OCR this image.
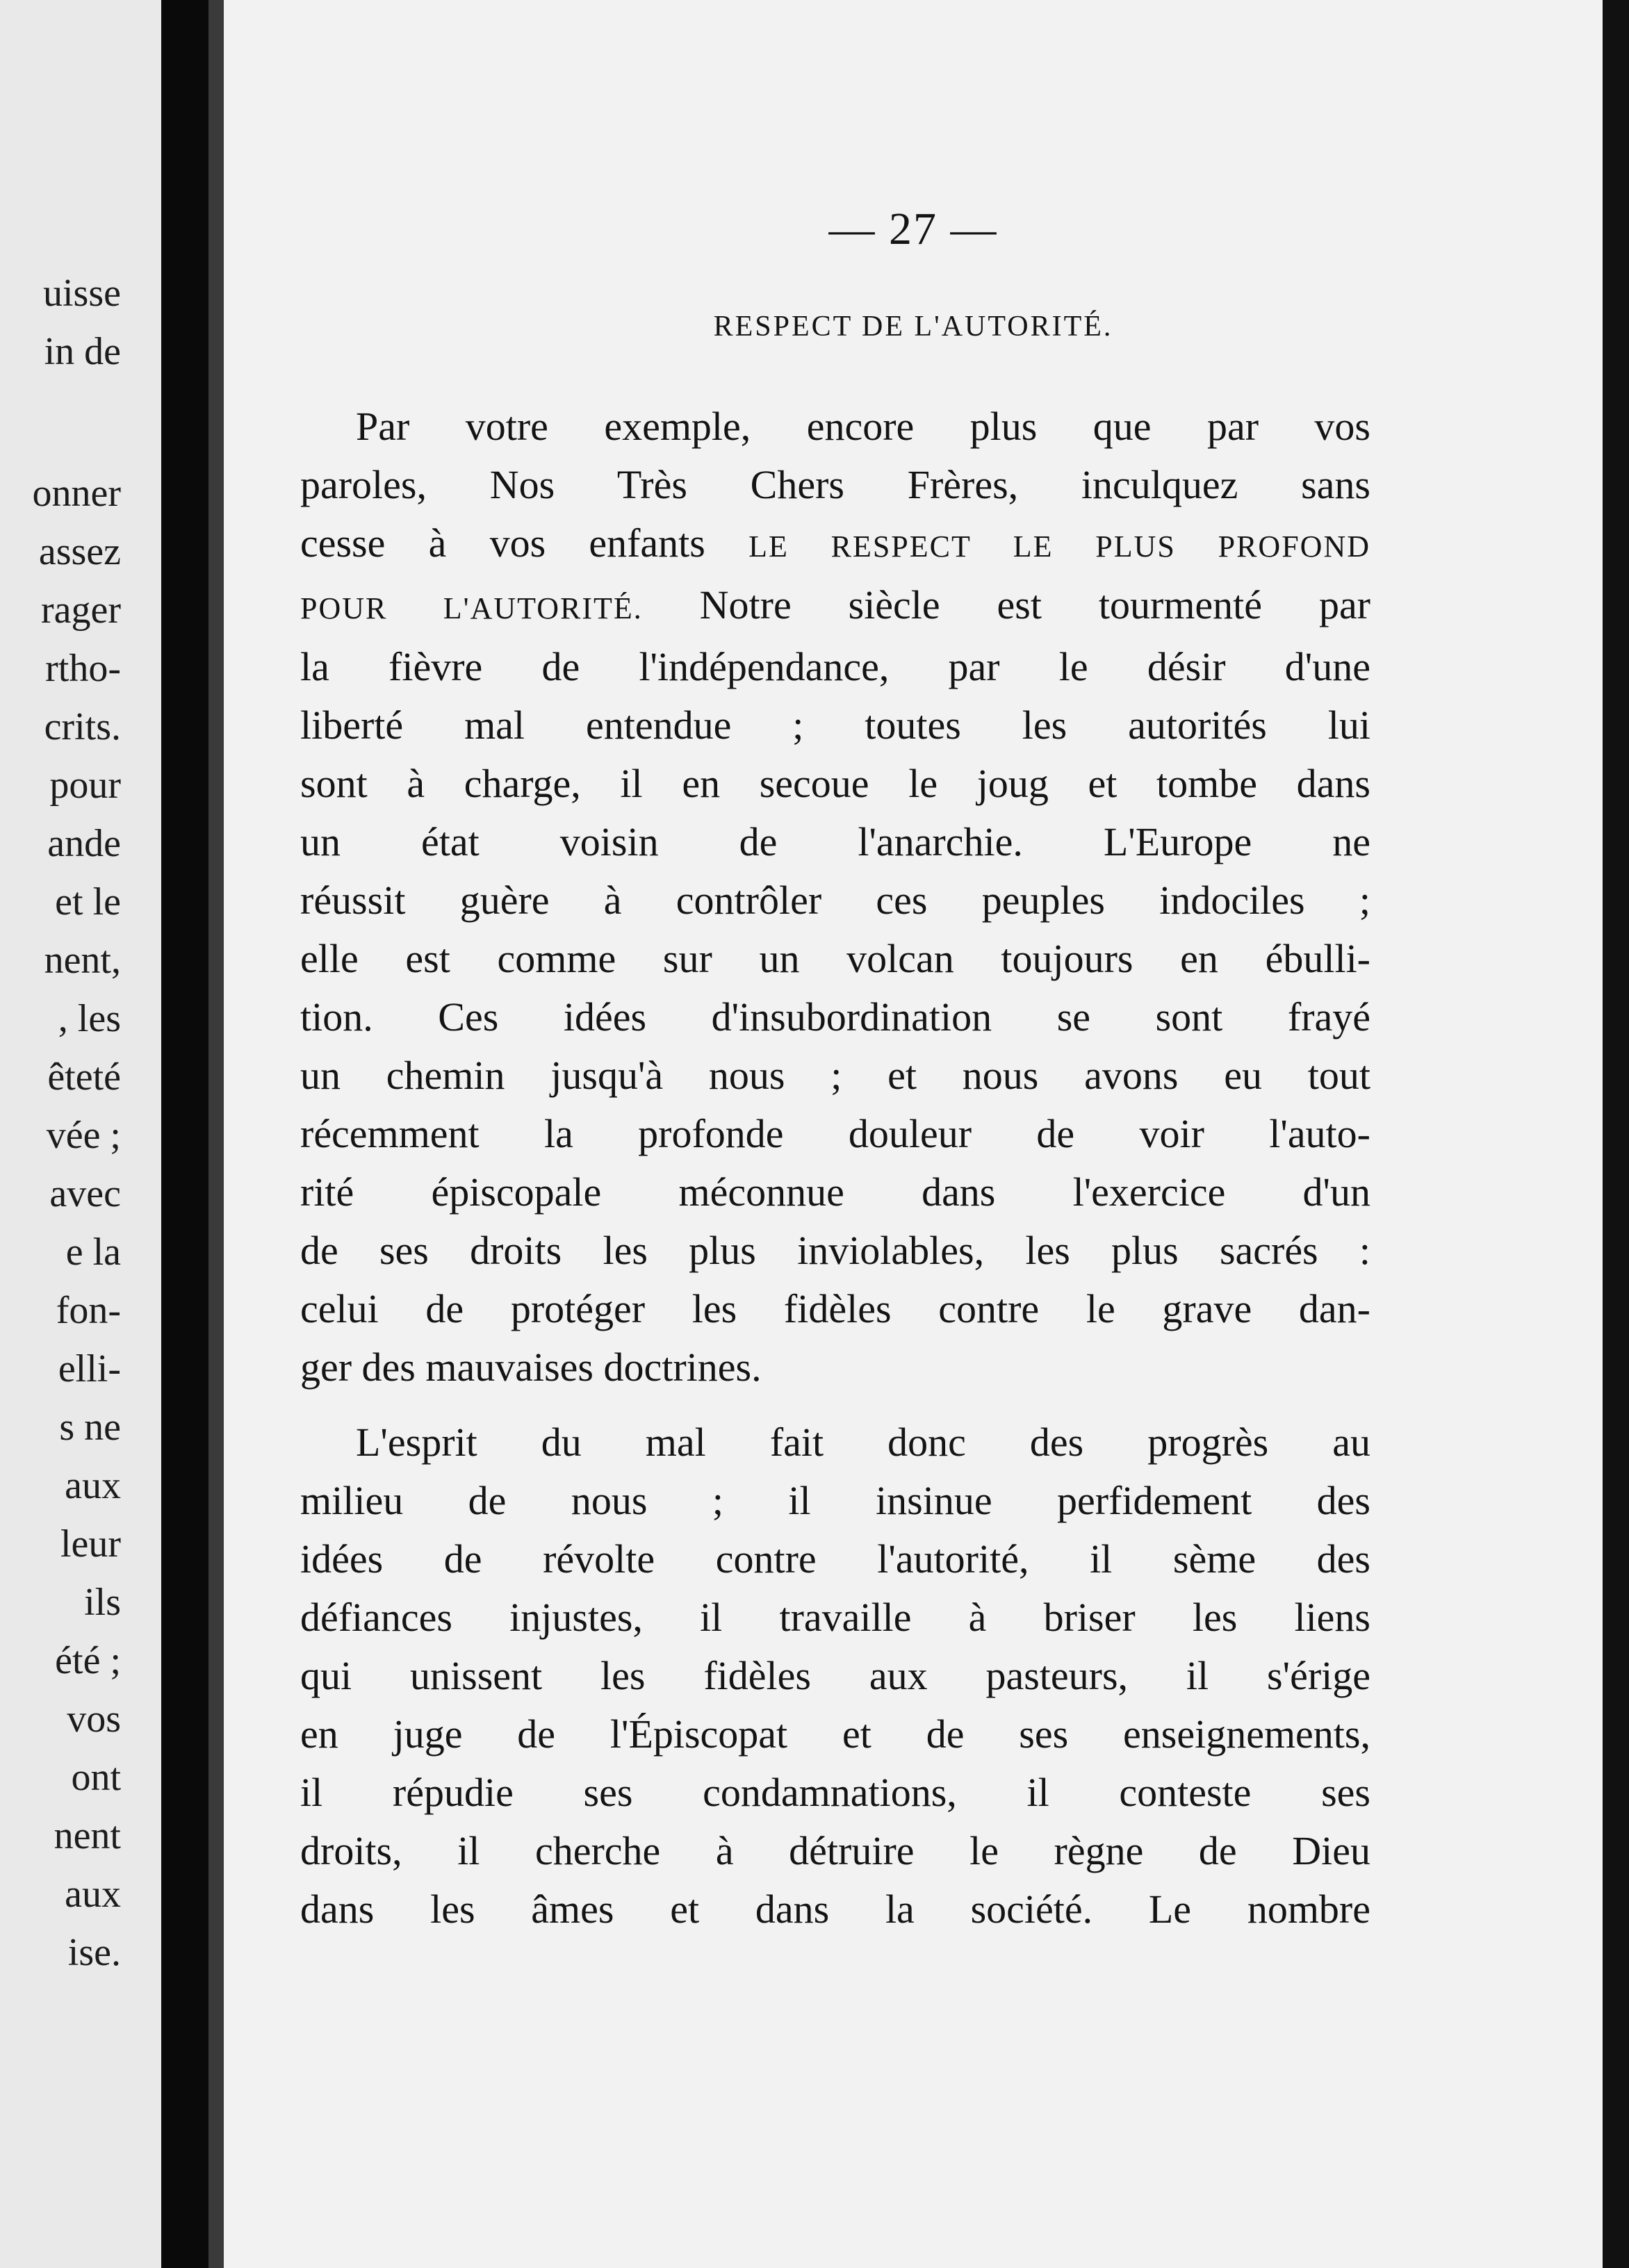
uisse
in de
onner
assez
rager
rtho-
crits.
pour
ande
et le
nent,
, les
êteté
vée ;
avec
e la
fon-
elli-
s ne
aux
leur
ils
été ;
vos
ont
nent
aux
ise.
— 27 —
RESPECT DE L'AUTORITÉ.
Par votre exemple, encore plus que par vos
paroles, Nos Très Chers Frères, inculquez sans
cesse à vos enfants LE RESPECT LE PLUS PROFOND
POUR L'AUTORITÉ. Notre siècle est tourmenté par
la fièvre de l'indépendance, par le désir d'une
liberté mal entendue ; toutes les autorités lui
sont à charge, il en secoue le joug et tombe dans
un état voisin de l'anarchie. L'Europe ne
réussit guère à contrôler ces peuples indociles ;
elle est comme sur un volcan toujours en ébulli-
tion. Ces idées d'insubordination se sont frayé
un chemin jusqu'à nous ; et nous avons eu tout
récemment la profonde douleur de voir l'auto-
rité épiscopale méconnue dans l'exercice d'un
de ses droits les plus inviolables, les plus sacrés :
celui de protéger les fidèles contre le grave dan-
ger des mauvaises doctrines.
L'esprit du mal fait donc des progrès au
milieu de nous ; il insinue perfidement des
idées de révolte contre l'autorité, il sème des
défiances injustes, il travaille à briser les liens
qui unissent les fidèles aux pasteurs, il s'érige
en juge de l'Épiscopat et de ses enseignements,
il répudie ses condamnations, il conteste ses
droits, il cherche à détruire le règne de Dieu
dans les âmes et dans la société. Le nombre
